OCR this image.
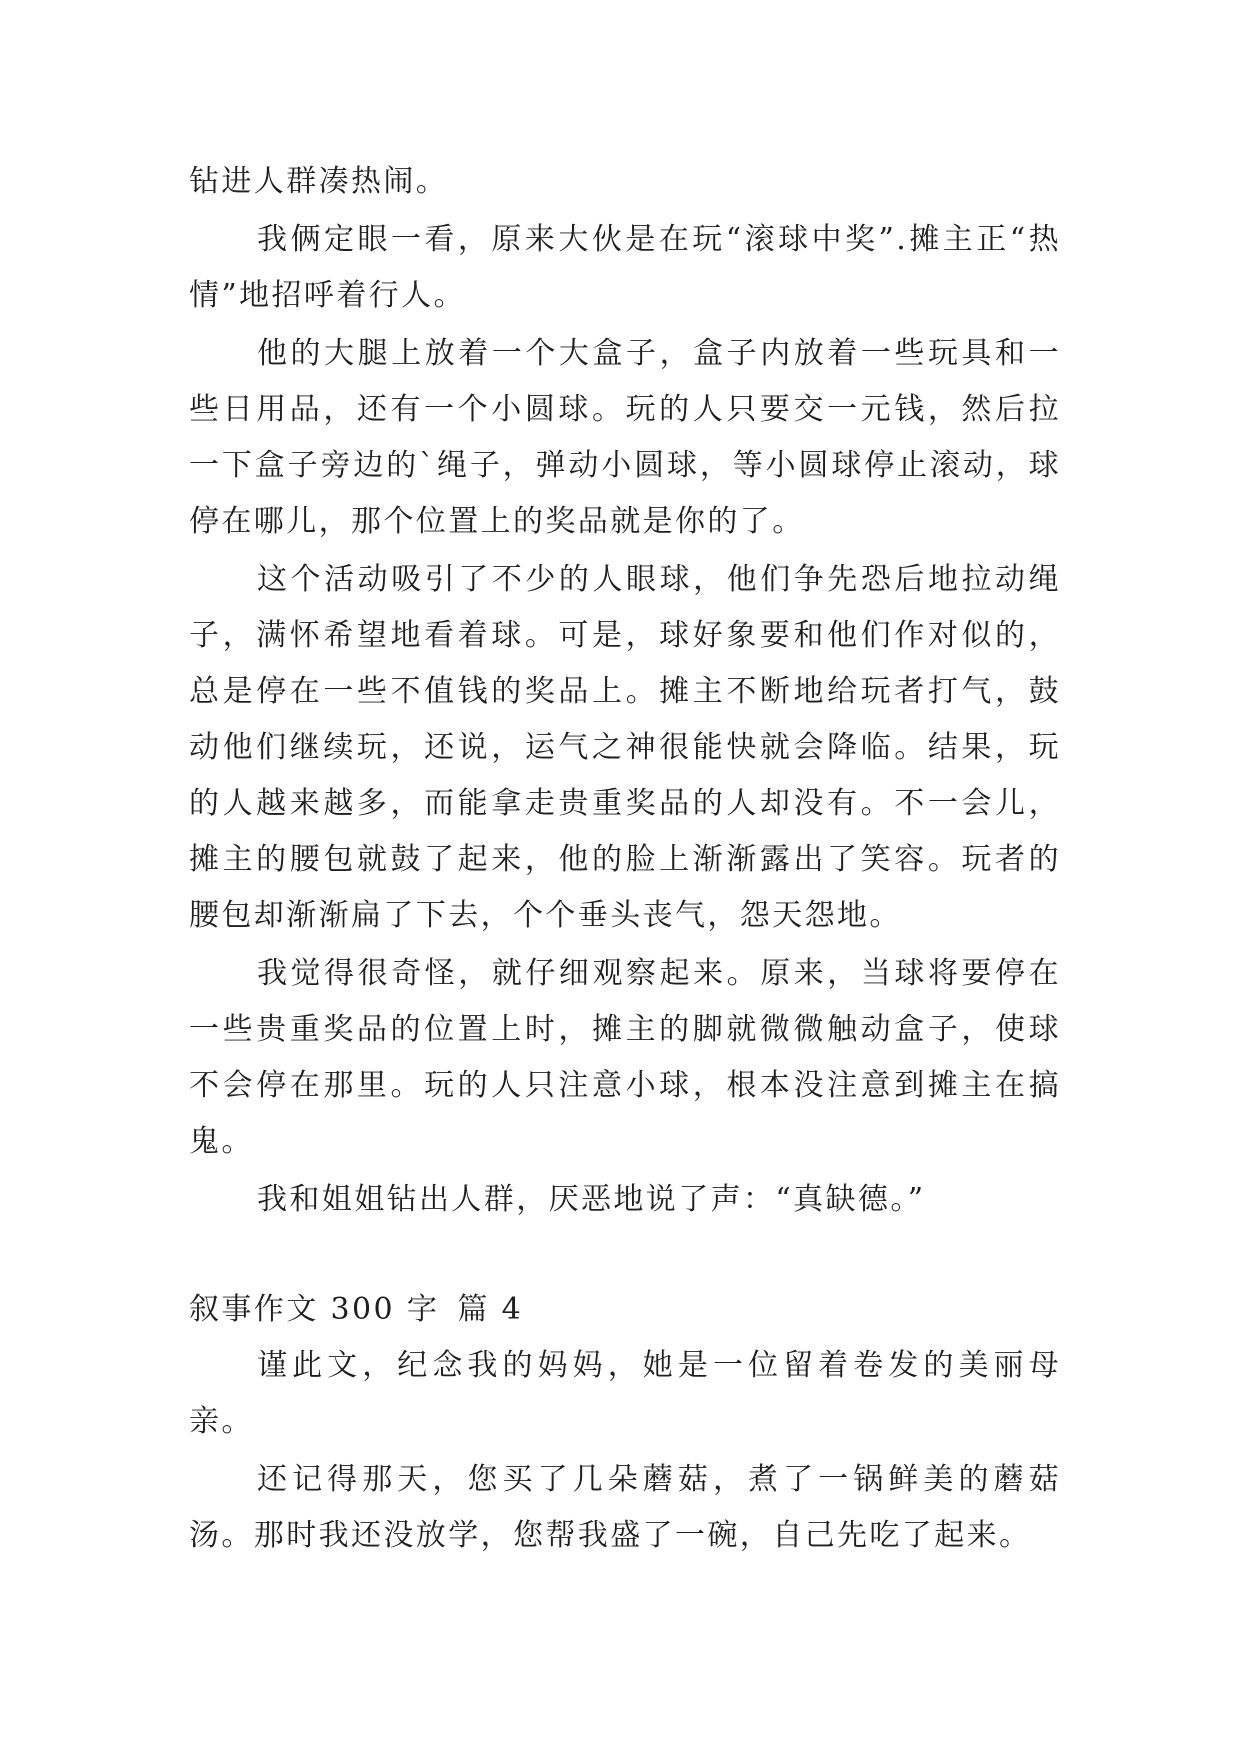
钻进人群凑热闹。

我俩定眼一看，原来大伙是在玩“滚球中奖”.摊主正“热情”地招呼着行人。

他的大腿上放着一个大盒子，盒子内放着一些玩具和一些日用品，还有一个小圆球。玩的人只要交一元钱，然后拉一下盒子旁边的`绳子，弹动小圆球，等小圆球停止滚动，球停在哪儿，那个位置上的奖品就是你的了。

这个活动吸引了不少的人眼球，他们争先恐后地拉动绳子，满怀希望地看着球。可是，球好象要和他们作对似的，总是停在一些不值钱的奖品上。摊主不断地给玩者打气，鼓动他们继续玩，还说，运气之神很能快就会降临。结果，玩的人越来越多，而能拿走贵重奖品的人却没有。不一会儿，摊主的腰包就鼓了起来，他的脸上渐渐露出了笑容。玩者的腰包却渐渐扁了下去，个个垂头丧气，怨天怨地。

我觉得很奇怪，就仔细观察起来。原来，当球将要停在一些贵重奖品的位置上时，摊主的脚就微微触动盒子，使球不会停在那里。玩的人只注意小球，根本没注意到摊主在搞鬼。

我和姐姐钻出人群，厌恶地说了声：“真缺德。”

叙事作文 300 字 篇 4

谨此文，纪念我的妈妈，她是一位留着卷发的美丽母亲。

还记得那天，您买了几朵蘑菇，煮了一锅鲜美的蘑菇汤。那时我还没放学，您帮我盛了一碗，自己先吃了起来。
